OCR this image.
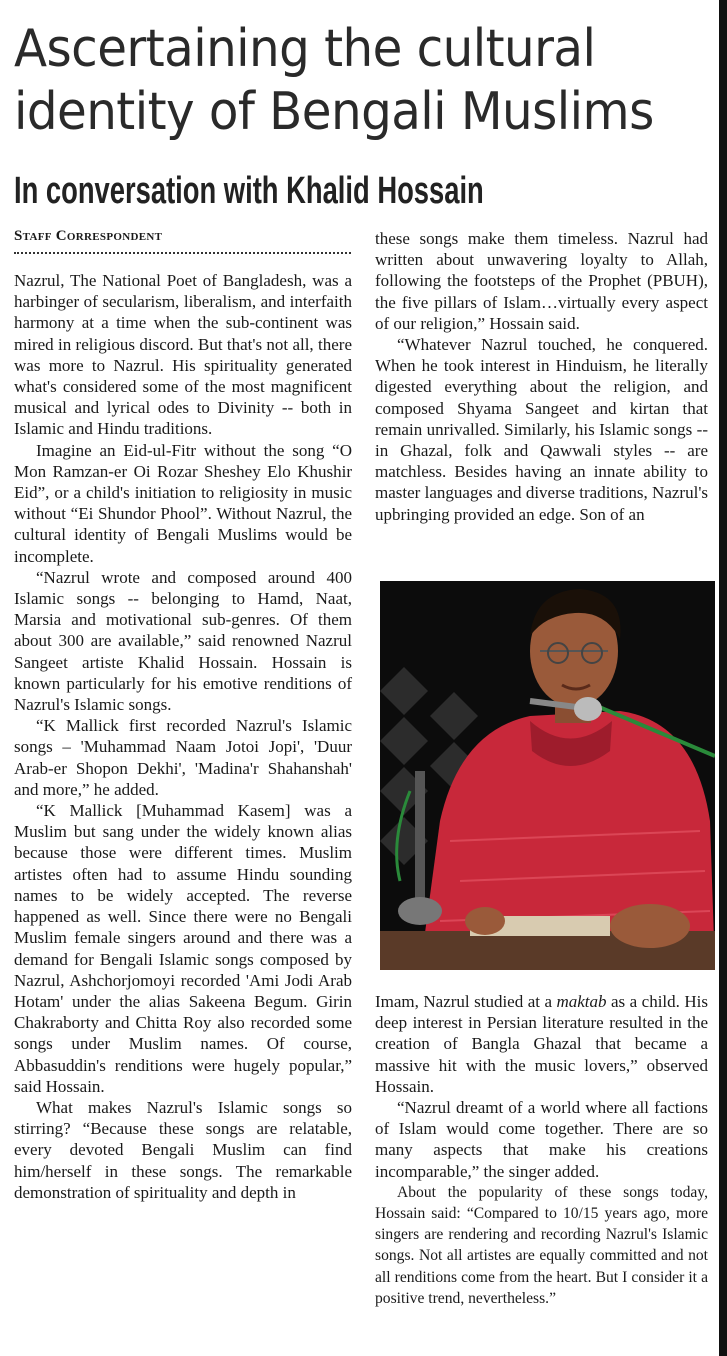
Ascertaining the cultural identity of Bengali Muslims
In conversation with Khalid Hossain
Staff Correspondent

Nazrul, The National Poet of Bangladesh, was a harbinger of secularism, liberalism, and interfaith harmony at a time when the sub-continent was mired in religious discord. But that's not all, there was more to Nazrul. His spirituality generated what's considered some of the most magnificent musical and lyrical odes to Divinity -- both in Islamic and Hindu traditions.

Imagine an Eid-ul-Fitr without the song “O Mon Ramzan-er Oi Rozar Sheshey Elo Khushir Eid”, or a child's initiation to religiosity in music without “Ei Shundor Phool”. Without Nazrul, the cultural identity of Bengali Muslims would be incomplete.

“Nazrul wrote and composed around 400 Islamic songs -- belonging to Hamd, Naat, Marsia and motivational sub-genres. Of them about 300 are available,” said renowned Nazrul Sangeet artiste Khalid Hossain. Hossain is known particularly for his emotive renditions of Nazrul's Islamic songs.

“K Mallick first recorded Nazrul's Islamic songs – 'Muhammad Naam Jotoi Jopi', 'Duur Arab-er Shopon Dekhi', 'Madina'r Shahanshah' and more,” he added.

“K Mallick [Muhammad Kasem] was a Muslim but sang under the widely known alias because those were different times. Muslim artistes often had to assume Hindu sounding names to be widely accepted. The reverse happened as well. Since there were no Bengali Muslim female singers around and there was a demand for Bengali Islamic songs composed by Nazrul, Ashchorjomoyi recorded 'Ami Jodi Arab Hotam' under the alias Sakeena Begum. Girin Chakraborty and Chitta Roy also recorded some songs under Muslim names. Of course, Abbasuddin's renditions were hugely popular,” said Hossain.

What makes Nazrul's Islamic songs so stirring? “Because these songs are relatable, every devoted Bengali Muslim can find him/herself in these songs. The remarkable demonstration of spirituality and depth in

these songs make them timeless. Nazrul had written about unwavering loyalty to Allah, following the footsteps of the Prophet (PBUH), the five pillars of Islam…virtually every aspect of our religion,” Hossain said.

“Whatever Nazrul touched, he conquered. When he took interest in Hinduism, he literally digested everything about the religion, and composed Shyama Sangeet and kirtan that remain unrivalled. Similarly, his Islamic songs -- in Ghazal, folk and Qawwali styles -- are matchless. Besides having an innate ability to master languages and diverse traditions, Nazrul's upbringing provided an edge. Son of an

Imam, Nazrul studied at a maktab as a child. His deep interest in Persian literature resulted in the creation of Bangla Ghazal that became a massive hit with the music lovers,” observed Hossain.

“Nazrul dreamt of a world where all factions of Islam would come together. There are so many aspects that make his creations incomparable,” the singer added.

About the popularity of these songs today, Hossain said: “Compared to 10/15 years ago, more singers are rendering and recording Nazrul's Islamic songs. Not all artistes are equally committed and not all renditions come from the heart. But I consider it a positive trend, nevertheless.”
